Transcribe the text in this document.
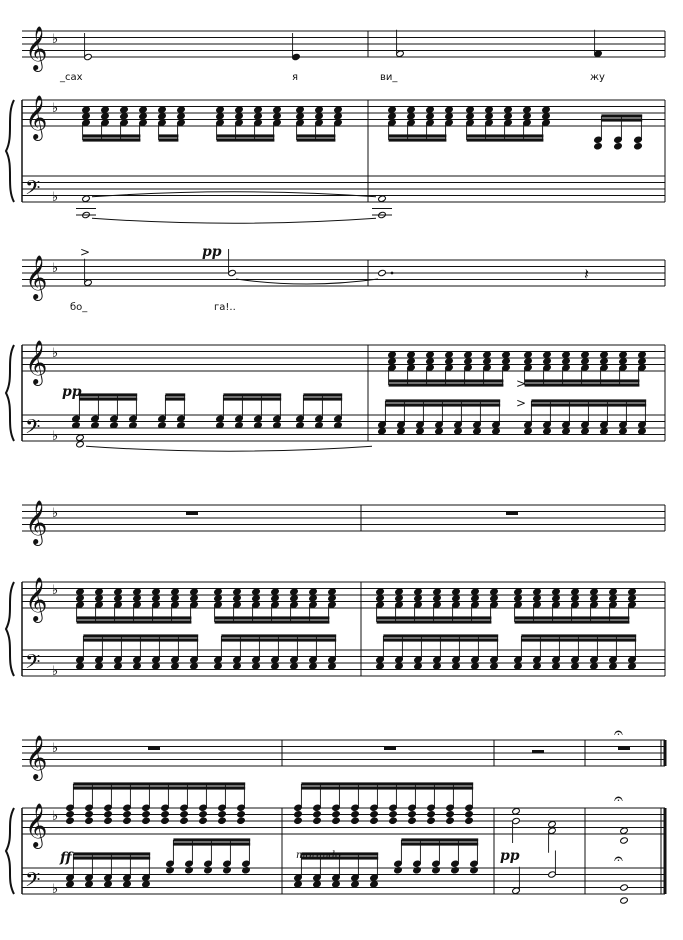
𝄞 ♭
𝄞 ♭
𝄢 ♭
𝄞 ♭
𝄞 ♭
𝄢 ♭
>
𝄽
>
>
𝄞 ♭
𝄞 ♭
𝄢 ♭
𝄞 ♭
𝄞 ♭
𝄢 ♭
𝄐
𝄐
𝄐
_сах	я	ви_	жу
бо_	га!..
pp
pp
ff	morendo	pp
